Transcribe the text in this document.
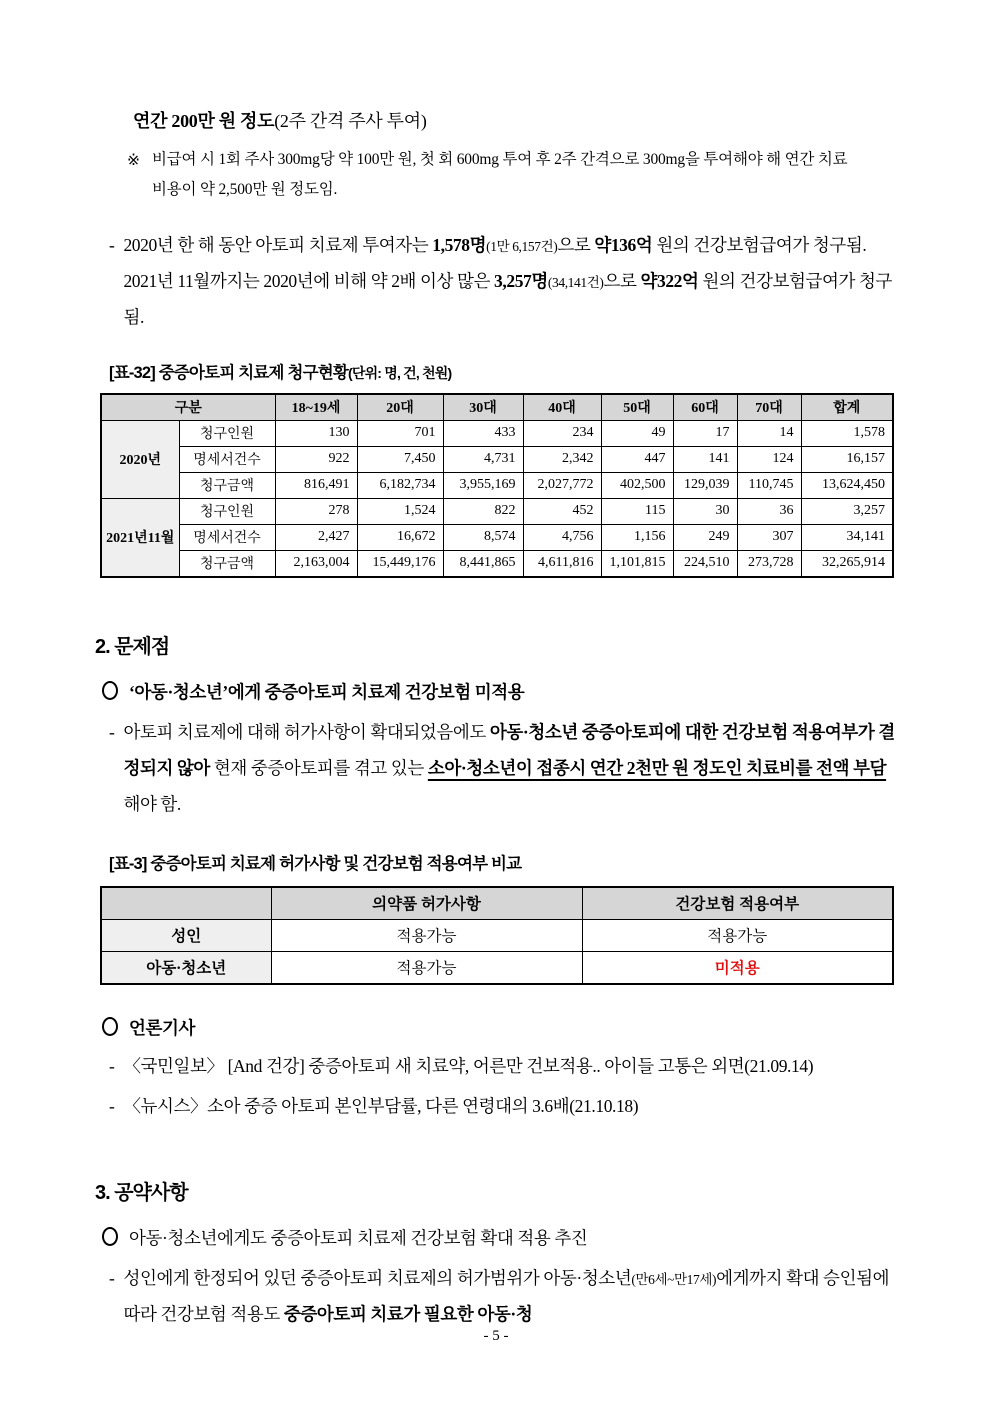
연간 200만 원 정도(2주 간격 주사 투여)
※ 비급여 시 1회 주사 300mg당 약 100만 원, 첫 회 600mg 투여 후 2주 간격으로 300mg을 투여해야 해 연간 치료비용이 약 2,500만 원 정도임.
- 2020년 한 해 동안 아토피 치료제 투여자는 1,578명(1만 6,157건)으로 약136억 원의 건강보험급여가 청구됨. 2021년 11월까지는 2020년에 비해 약 2배 이상 많은 3,257명(34,141건)으로 약322억 원의 건강보험급여가 청구됨.
[표-32] 중증아토피 치료제 청구현황(단위: 명, 건, 천원)
구분		18~19세	20대	30대	40대	50대	60대	70대	합계
2020년	청구인원	130	701	433	234	49	17	14	1,578
	명세서건수	922	7,450	4,731	2,342	447	141	124	16,157
	청구금액	816,491	6,182,734	3,955,169	2,027,772	402,500	129,039	110,745	13,624,450
2021년11월	청구인원	278	1,524	822	452	115	30	36	3,257
	명세서건수	2,427	16,672	8,574	4,756	1,156	249	307	34,141
	청구금액	2,163,004	15,449,176	8,441,865	4,611,816	1,101,815	224,510	273,728	32,265,914
2. 문제점
‘아동·청소년’에게 중증아토피 치료제 건강보험 미적용
- 아토피 치료제에 대해 허가사항이 확대되었음에도 아동·청소년 중증아토피에 대한 건강보험 적용여부가 결정되지 않아 현재 중증아토피를 겪고 있는 소아·청소년이 접종시 연간 2천만 원 정도인 치료비를 전액 부담해야 함.
[표-3] 중증아토피 치료제 허가사항 및 건강보험 적용여부 비교
	의약품 허가사항	건강보험 적용여부
성인	적용가능	적용가능
아동·청소년	적용가능	미적용
언론기사
- 〈국민일보〉 [And 건강] 중증아토피 새 치료약, 어른만 건보적용.. 아이들 고통은 외면(21.09.14)
- 〈뉴시스〉소아 중증 아토피 본인부담률, 다른 연령대의 3.6배(21.10.18)
3. 공약사항
아동·청소년에게도 중증아토피 치료제 건강보험 확대 적용 추진
- 성인에게 한정되어 있던 중증아토피 치료제의 허가범위가 아동·청소년(만6세~만17세)에게까지 확대 승인됨에 따라 건강보험 적용도 중증아토피 치료가 필요한 아동·청
- 5 -
